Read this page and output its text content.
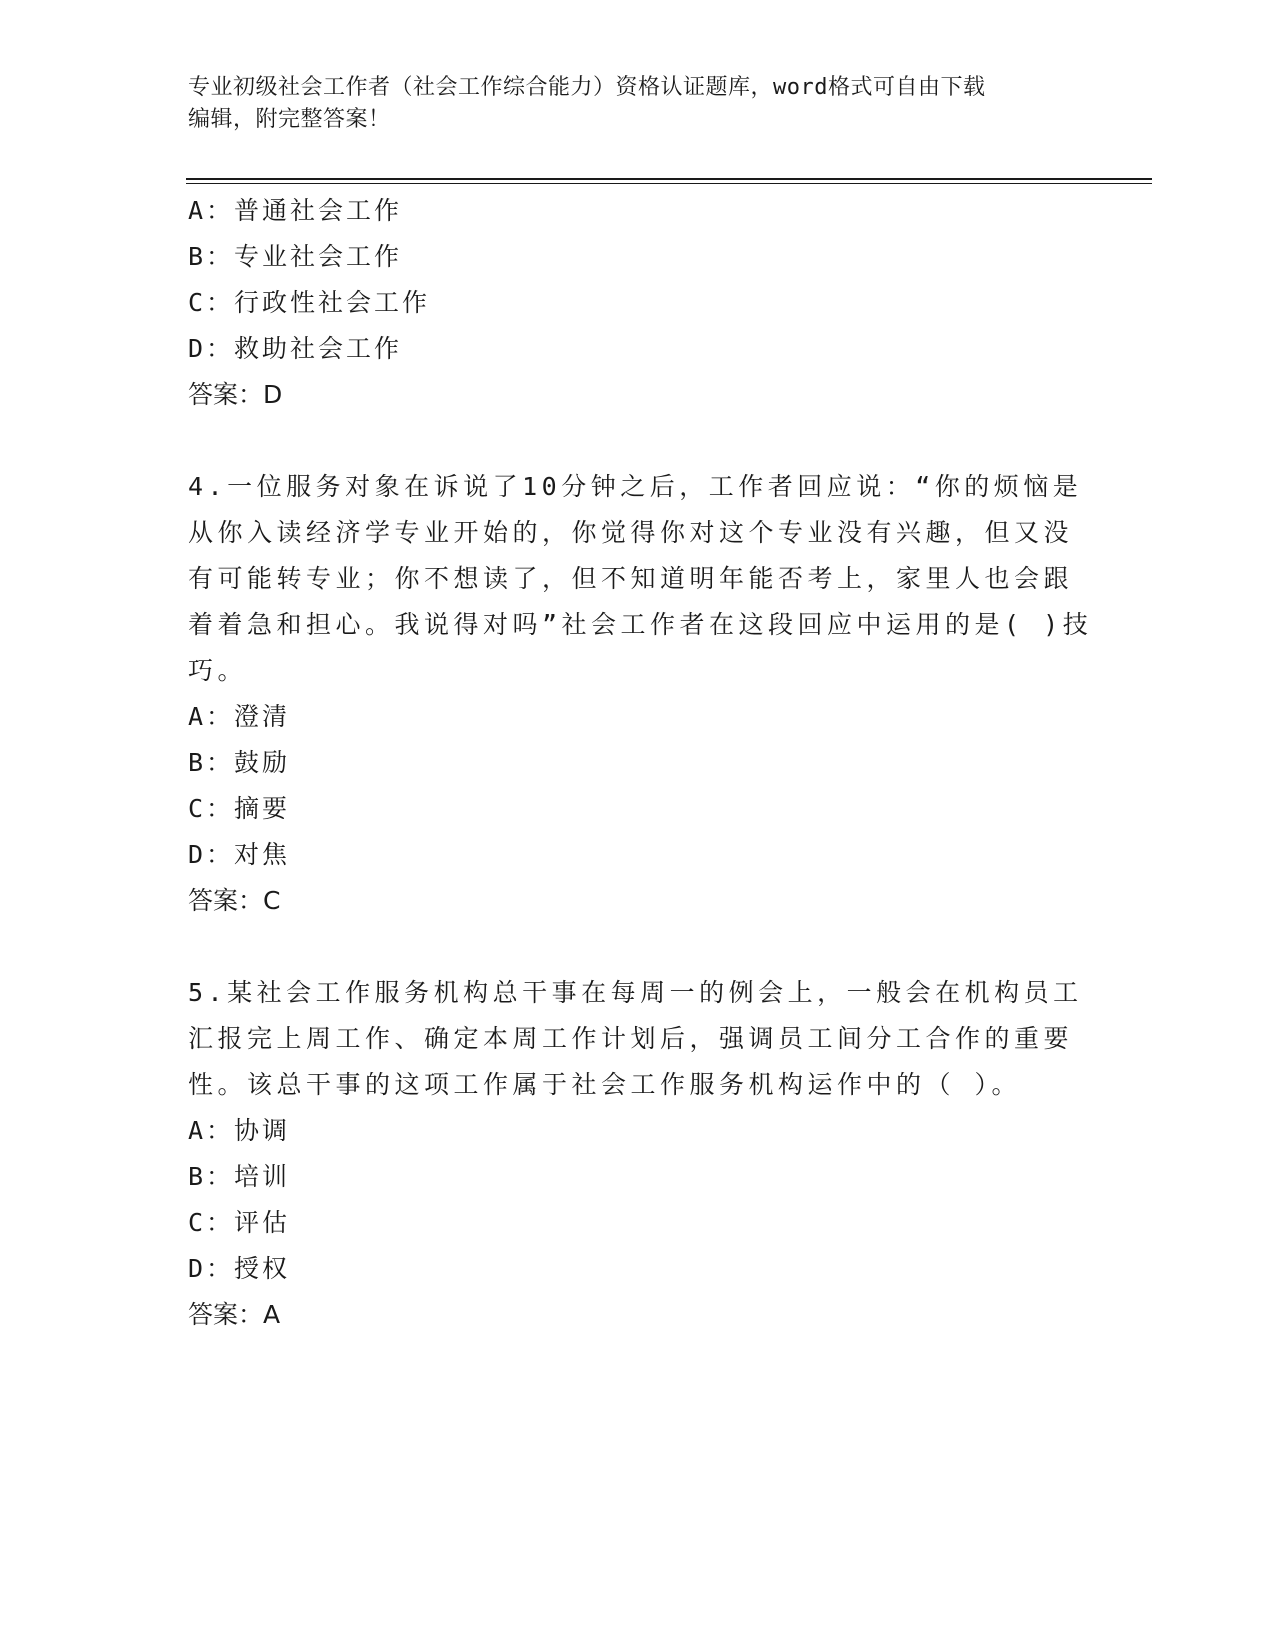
专业初级社会工作者（社会工作综合能力）资格认证题库，word格式可自由下载
编辑，附完整答案！
A：普通社会工作
B：专业社会工作
C：行政性社会工作
D：救助社会工作
答案：D
4.一位服务对象在诉说了10分钟之后，工作者回应说：“你的烦恼是
从你入读经济学专业开始的，你觉得你对这个专业没有兴趣，但又没
有可能转专业；你不想读了，但不知道明年能否考上，家里人也会跟
着着急和担心。我说得对吗”社会工作者在这段回应中运用的是( )技
巧。
A：澄清
B：鼓励
C：摘要
D：对焦
答案：C
5.某社会工作服务机构总干事在每周一的例会上，一般会在机构员工
汇报完上周工作、确定本周工作计划后，强调员工间分工合作的重要
性。该总干事的这项工作属于社会工作服务机构运作中的（ ）。
A：协调
B：培训
C：评估
D：授权
答案：A
